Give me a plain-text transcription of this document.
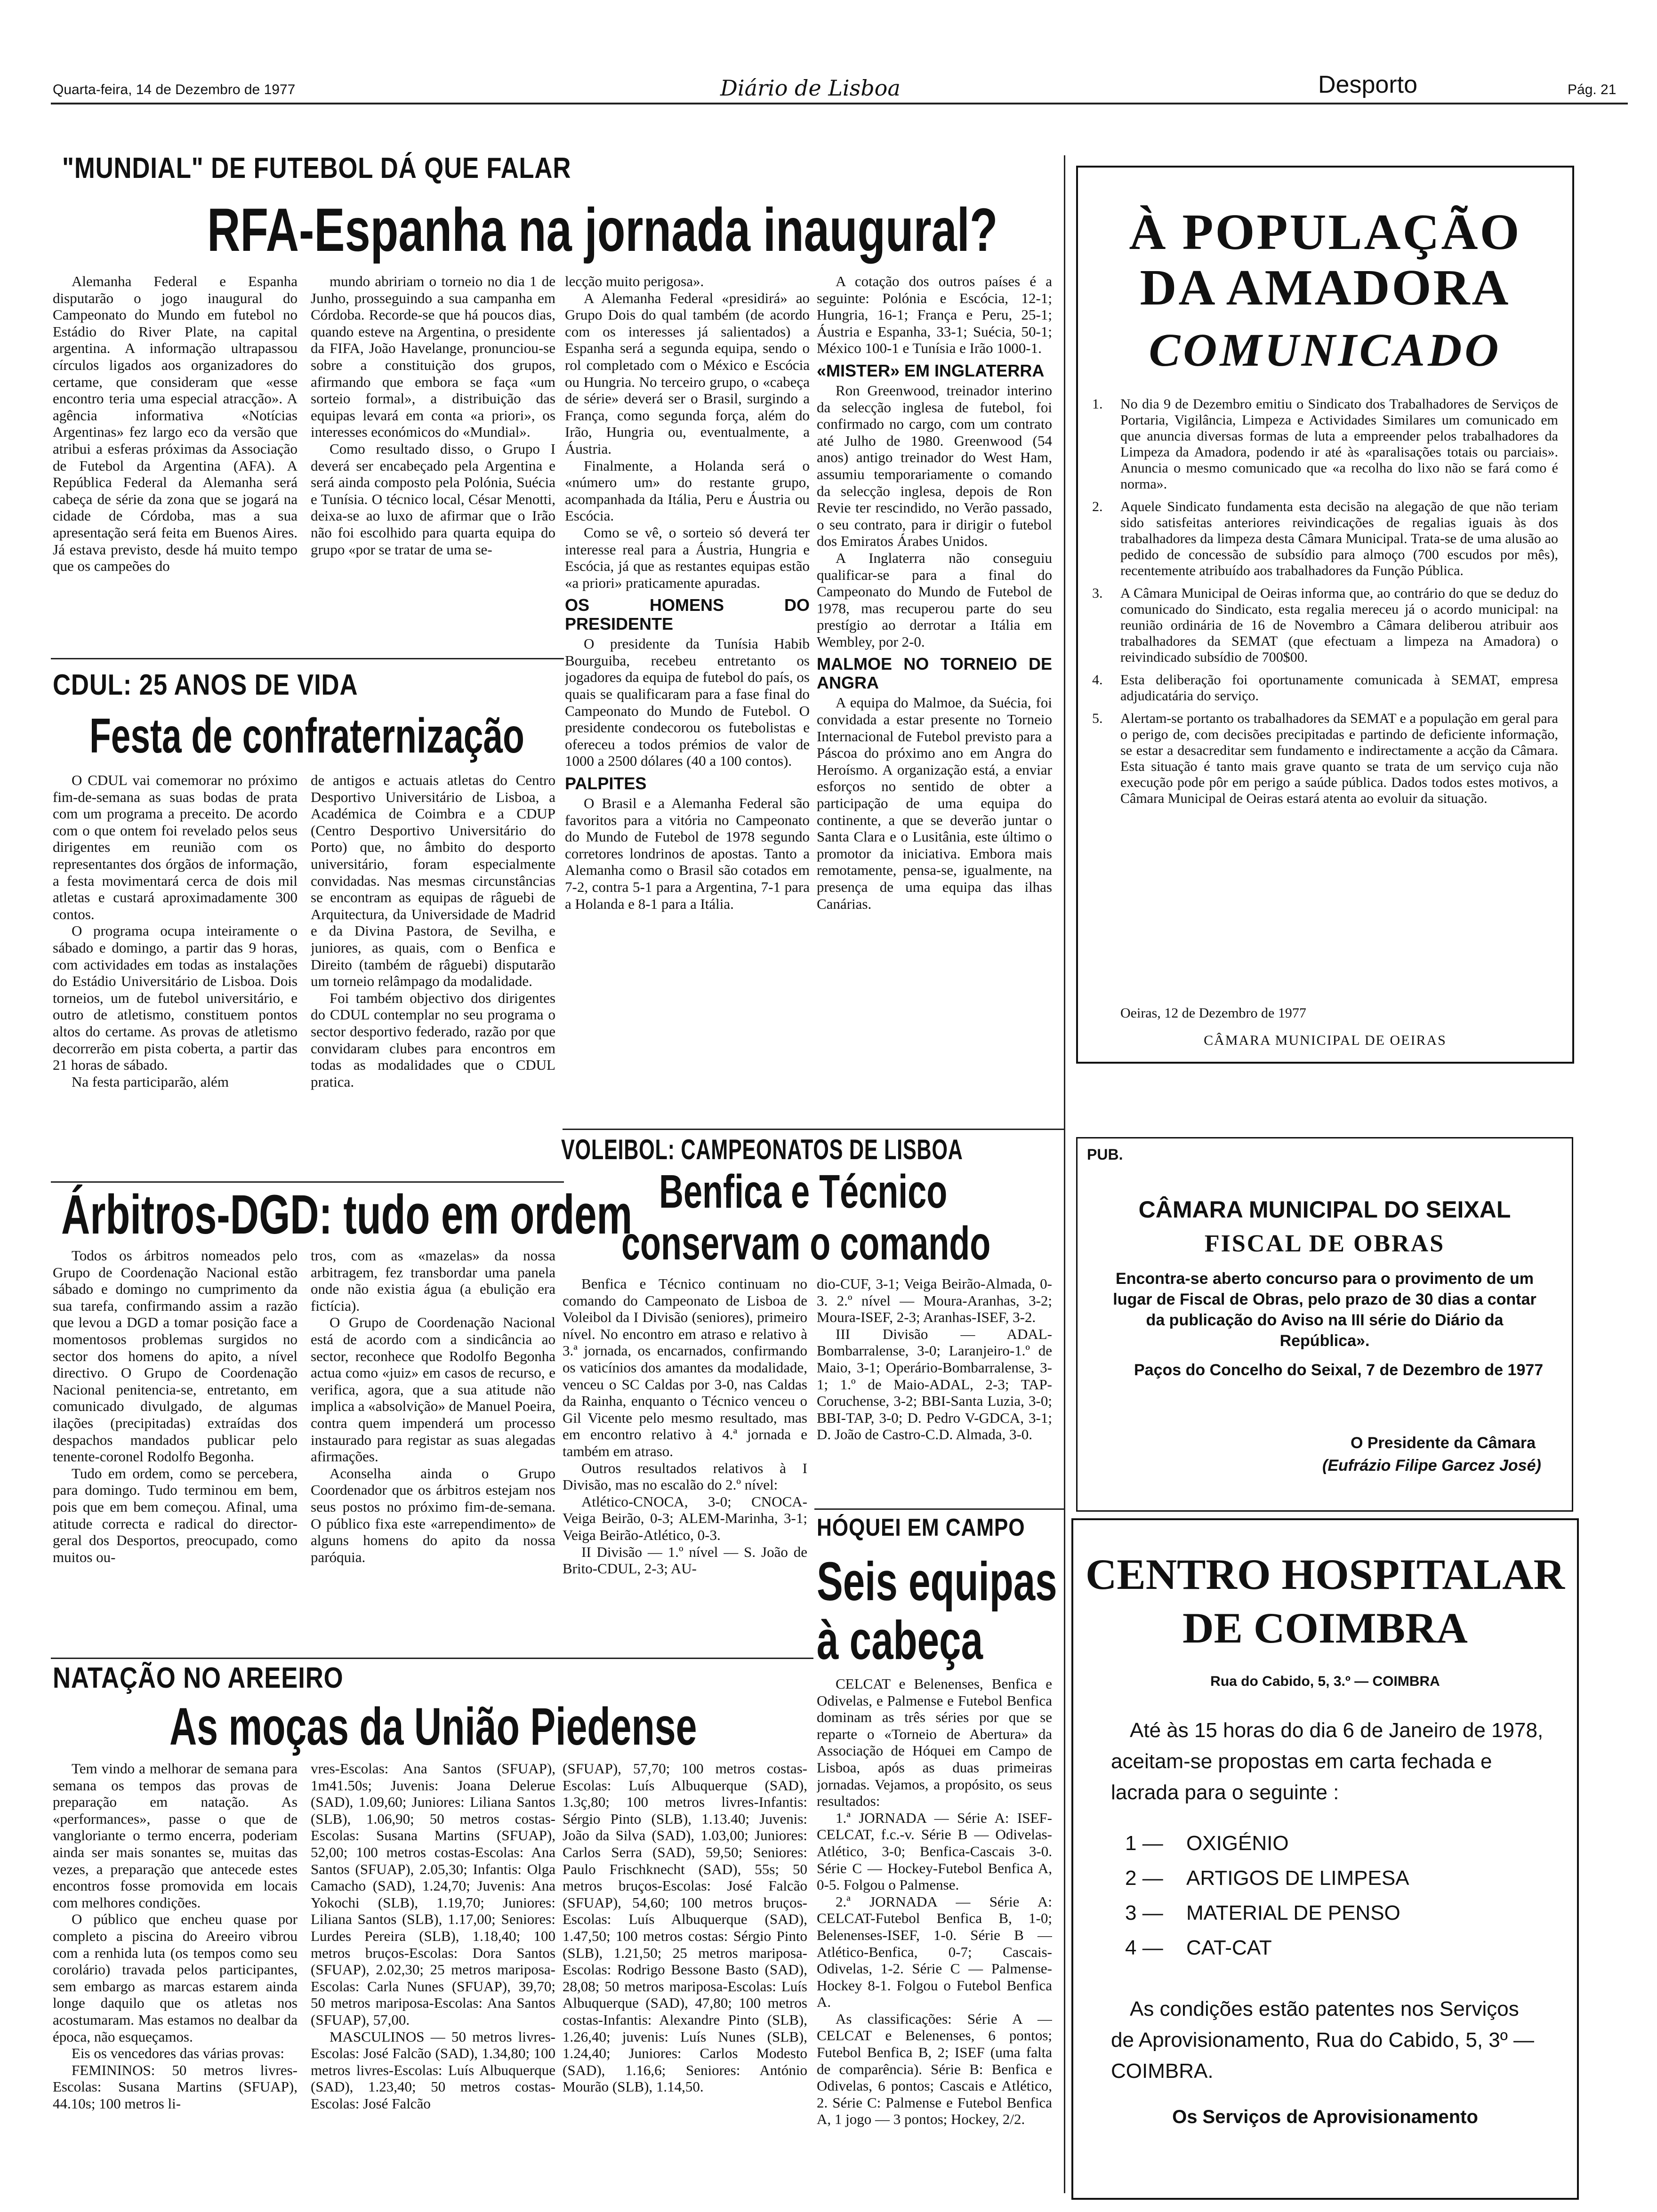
Quarta-feira, 14 de Dezembro de 1977	Diário de Lisboa	Desporto	Pág. 21
"MUNDIAL" DE FUTEBOL DÁ QUE FALAR
RFA-Espanha na jornada inaugural?

Alemanha Federal e Espanha disputarão o jogo inaugural do Campeonato do Mundo em futebol no Estádio do River Plate, na capital argentina. A informação ultrapassou círculos ligados aos organizadores do certame, que consideram que «esse encontro teria uma especial atracção». A agência informativa «Notícias Argentinas» fez largo eco da versão que atribui a esferas próximas da Associação de Futebol da Argentina (AFA). A República Federal da Alemanha será cabeça de série da zona que se jogará na cidade de Córdoba, mas a sua apresentação será feita em Buenos Aires. Já estava previsto, desde há muito tempo que os campeões do

mundo abririam o torneio no dia 1 de Junho, prosseguindo a sua campanha em Córdoba. Recorde-se que há poucos dias, quando esteve na Argentina, o presidente da FIFA, João Havelange, pronunciou-se sobre a constituição dos grupos, afirmando que embora se faça «um sorteio formal», a distribuição das equipas levará em conta «a priori», os interesses económicos do «Mundial».

Como resultado disso, o Grupo I deverá ser encabeçado pela Argentina e será ainda composto pela Polónia, Suécia e Tunísia. O técnico local, César Menotti, deixa-se ao luxo de afirmar que o Irão não foi escolhido para quarta equipa do grupo «por se tratar de uma se-

lecção muito perigosa».

A Alemanha Federal «presidirá» ao Grupo Dois do qual também (de acordo com os interesses já salientados) a Espanha será a segunda equipa, sendo o rol completado com o México e Escócia ou Hungria. No terceiro grupo, o «cabeça de série» deverá ser o Brasil, surgindo a França, como segunda força, além do Irão, Hungria ou, eventualmente, a Áustria.

Finalmente, a Holanda será o «número um» do restante grupo, acompanhada da Itália, Peru e Áustria ou Escócia.

Como se vê, o sorteio só deverá ter interesse real para a Áustria, Hungria e Escócia, já que as restantes equipas estão «a priori» praticamente apuradas.

OS HOMENS DO PRESIDENTE

O presidente da Tunísia Habib Bourguiba, recebeu entretanto os jogadores da equipa de futebol do país, os quais se qualificaram para a fase final do Campeonato do Mundo de Futebol. O presidente condecorou os futebolistas e ofereceu a todos prémios de valor de 1000 a 2500 dólares (40 a 100 contos).

PALPITES

O Brasil e a Alemanha Federal são favoritos para a vitória no Campeonato do Mundo de Futebol de 1978 segundo corretores londrinos de apostas. Tanto a Alemanha como o Brasil são cotados em 7-2, contra 5-1 para a Argentina, 7-1 para a Holanda e 8-1 para a Itália.

A cotação dos outros países é a seguinte: Polónia e Escócia, 12-1; Hungria, 16-1; França e Peru, 25-1; Áustria e Espanha, 33-1; Suécia, 50-1; México 100-1 e Tunísia e Irão 1000-1.

«MISTER» EM INGLATERRA

Ron Greenwood, treinador interino da selecção inglesa de futebol, foi confirmado no cargo, com um contrato até Julho de 1980. Greenwood (54 anos) antigo treinador do West Ham, assumiu temporariamente o comando da selecção inglesa, depois de Ron Revie ter rescindido, no Verão passado, o seu contrato, para ir dirigir o futebol dos Emiratos Árabes Unidos.

A Inglaterra não conseguiu qualificar-se para a final do Campeonato do Mundo de Futebol de 1978, mas recuperou parte do seu prestígio ao derrotar a Itália em Wembley, por 2-0.

MALMOE NO TORNEIO DE ANGRA

A equipa do Malmoe, da Suécia, foi convidada a estar presente no Torneio Internacional de Futebol previsto para a Páscoa do próximo ano em Angra do Heroísmo. A organização está, a enviar esforços no sentido de obter a participação de uma equipa do continente, a que se deverão juntar o Santa Clara e o Lusitânia, este último o promotor da iniciativa. Embora mais remotamente, pensa-se, igualmente, na presença de uma equipa das ilhas Canárias.

CDUL: 25 ANOS DE VIDA
Festa de confraternização

O CDUL vai comemorar no próximo fim-de-semana as suas bodas de prata com um programa a preceito. De acordo com o que ontem foi revelado pelos seus dirigentes em reunião com os representantes dos órgãos de informação, a festa movimentará cerca de dois mil atletas e custará aproximadamente 300 contos.

O programa ocupa inteiramente o sábado e domingo, a partir das 9 horas, com actividades em todas as instalações do Estádio Universitário de Lisboa. Dois torneios, um de futebol universitário, e outro de atletismo, constituem pontos altos do certame. As provas de atletismo decorrerão em pista coberta, a partir das 21 horas de sábado.

Na festa participarão, além

de antigos e actuais atletas do Centro Desportivo Universitário de Lisboa, a Académica de Coimbra e a CDUP (Centro Desportivo Universitário do Porto) que, no âmbito do desporto universitário, foram especialmente convidadas. Nas mesmas circunstâncias se encontram as equipas de râguebi de Arquitectura, da Universidade de Madrid e da Divina Pastora, de Sevilha, e juniores, as quais, com o Benfica e Direito (também de râguebi) disputarão um torneio relâmpago da modalidade.

Foi também objectivo dos dirigentes do CDUL contemplar no seu programa o sector desportivo federado, razão por que convidaram clubes para encontros em todas as modalidades que o CDUL pratica.

Árbitros-DGD: tudo em ordem

Todos os árbitros nomeados pelo Grupo de Coordenação Nacional estão sábado e domingo no cumprimento da sua tarefa, confirmando assim a razão que levou a DGD a tomar posição face a momentosos problemas surgidos no sector dos homens do apito, a nível directivo. O Grupo de Coordenação Nacional penitencia-se, entretanto, em comunicado divulgado, de algumas ilações (precipitadas) extraídas dos despachos mandados publicar pelo tenente-coronel Rodolfo Begonha.

Tudo em ordem, como se percebera, para domingo. Tudo terminou em bem, pois que em bem começou. Afinal, uma atitude correcta e radical do director-geral dos Desportos, preocupado, como muitos ou-

tros, com as «mazelas» da nossa arbitragem, fez transbordar uma panela onde não existia água (a ebulição era fictícia).

O Grupo de Coordenação Nacional está de acordo com a sindicância ao sector, reconhece que Rodolfo Begonha actua como «juiz» em casos de recurso, e verifica, agora, que a sua atitude não implica a «absolvição» de Manuel Poeira, contra quem impenderá um processo instaurado para registar as suas alegadas afirmações.

Aconselha ainda o Grupo Coordenador que os árbitros estejam nos seus postos no próximo fim-de-semana. O público fixa este «arrependimento» de alguns homens do apito da nossa paróquia.

VOLEIBOL: CAMPEONATOS DE LISBOA
Benfica e Técnico
conservam o comando

Benfica e Técnico continuam no comando do Campeonato de Lisboa de Voleibol da I Divisão (seniores), primeiro nível. No encontro em atraso e relativo à 3.ª jornada, os encarnados, confirmando os vaticínios dos amantes da modalidade, venceu o SC Caldas por 3-0, nas Caldas da Rainha, enquanto o Técnico venceu o Gil Vicente pelo mesmo resultado, mas em encontro relativo à 4.ª jornada e também em atraso.

Outros resultados relativos à I Divisão, mas no escalão do 2.º nível:

Atlético-CNOCA, 3-0; CNOCA-Veiga Beirão, 0-3; ALEM-Marinha, 3-1; Veiga Beirão-Atlético, 0-3.

II Divisão — 1.º nível — S. João de Brito-CDUL, 2-3; AU-

dio-CUF, 3-1; Veiga Beirão-Almada, 0-3. 2.º nível — Moura-Aranhas, 3-2; Moura-ISEF, 2-3; Aranhas-ISEF, 3-2.

III Divisão — ADAL-Bombarralense, 3-0; Laranjeiro-1.º de Maio, 3-1; Operário-Bombarralense, 3-1; 1.º de Maio-ADAL, 2-3; TAP-Coruchense, 3-2; BBI-Santa Luzia, 3-0; BBI-TAP, 3-0; D. Pedro V-GDCA, 3-1; D. João de Castro-C.D. Almada, 3-0.

HÓQUEI EM CAMPO
Seis equipas
à cabeça

CELCAT e Belenenses, Benfica e Odivelas, e Palmense e Futebol Benfica dominam as três séries por que se reparte o «Torneio de Abertura» da Associação de Hóquei em Campo de Lisboa, após as duas primeiras jornadas. Vejamos, a propósito, os seus resultados:

1.ª JORNADA — Série A: ISEF-CELCAT, f.c.-v. Série B — Odivelas-Atlético, 3-0; Benfica-Cascais 3-0. Série C — Hockey-Futebol Benfica A, 0-5. Folgou o Palmense.

2.ª JORNADA — Série A: CELCAT-Futebol Benfica B, 1-0; Belenenses-ISEF, 1-0. Série B — Atlético-Benfica, 0-7; Cascais-Odivelas, 1-2. Série C — Palmense-Hockey 8-1. Folgou o Futebol Benfica A.

As classificações: Série A — CELCAT e Belenenses, 6 pontos; Futebol Benfica B, 2; ISEF (uma falta de comparência). Série B: Benfica e Odivelas, 6 pontos; Cascais e Atlético, 2. Série C: Palmense e Futebol Benfica A, 1 jogo — 3 pontos; Hockey, 2/2.

NATAÇÃO NO AREEIRO
As moças da União Piedense

Tem vindo a melhorar de semana para semana os tempos das provas de preparação em natação. As «performances», passe o que de vangloriante o termo encerra, poderiam ainda ser mais sonantes se, muitas das vezes, a preparação que antecede estes encontros fosse promovida em locais com melhores condições.

O público que encheu quase por completo a piscina do Areeiro vibrou com a renhida luta (os tempos como seu corolário) travada pelos participantes, sem embargo as marcas estarem ainda longe daquilo que os atletas nos acostumaram. Mas estamos no dealbar da época, não esqueçamos.

Eis os vencedores das várias provas:

FEMININOS: 50 metros livres-Escolas: Susana Martins (SFUAP), 44.10s; 100 metros li-

vres-Escolas: Ana Santos (SFUAP), 1m41.50s; Juvenis: Joana Delerue (SAD), 1.09,60; Juniores: Liliana Santos (SLB), 1.06,90; 50 metros costas-Escolas: Susana Martins (SFUAP), 52,00; 100 metros costas-Escolas: Ana Santos (SFUAP), 2.05,30; Infantis: Olga Camacho (SAD), 1.24,70; Juvenis: Ana Yokochi (SLB), 1.19,70; Juniores: Liliana Santos (SLB), 1.17,00; Seniores: Lurdes Pereira (SLB), 1.18,40; 100 metros bruços-Escolas: Dora Santos (SFUAP), 2.02,30; 25 metros mariposa-Escolas: Carla Nunes (SFUAP), 39,70; 50 metros mariposa-Escolas: Ana Santos (SFUAP), 57,00.

MASCULINOS — 50 metros livres-Escolas: José Falcão (SAD), 1.34,80; 100 metros livres-Escolas: Luís Albuquerque (SAD), 1.23,40; 50 metros costas-Escolas: José Falcão

(SFUAP), 57,70; 100 metros costas-Escolas: Luís Albuquerque (SAD), 1.3ç,80; 100 metros livres-Infantis: Sérgio Pinto (SLB), 1.13.40; Juvenis: João da Silva (SAD), 1.03,00; Juniores: Carlos Serra (SAD), 59,50; Seniores: Paulo Frischknecht (SAD), 55s; 50 metros bruços-Escolas: José Falcão (SFUAP), 54,60; 100 metros bruços-Escolas: Luís Albuquerque (SAD), 1.47,50; 100 metros costas: Sérgio Pinto (SLB), 1.21,50; 25 metros mariposa-Escolas: Rodrigo Bessone Basto (SAD), 28,08; 50 metros mariposa-Escolas: Luís Albuquerque (SAD), 47,80; 100 metros costas-Infantis: Alexandre Pinto (SLB), 1.26,40; juvenis: Luís Nunes (SLB), 1.24,40; Juniores: Carlos Modesto (SAD), 1.16,6; Seniores: António Mourão (SLB), 1.14,50.

À POPULAÇÃO
DA AMADORA
COMUNICADO
1.	No dia 9 de Dezembro emitiu o Sindicato dos Trabalhadores de Serviços de Portaria, Vigilância, Limpeza e Actividades Similares um comunicado em que anuncia diversas formas de luta a empreender pelos trabalhadores da Limpeza da Amadora, podendo ir até às «paralisações totais ou parciais». Anuncia o mesmo comunicado que «a recolha do lixo não se fará como é norma».
2.	Aquele Sindicato fundamenta esta decisão na alegação de que não teriam sido satisfeitas anteriores reivindicações de regalias iguais às dos trabalhadores da limpeza desta Câmara Municipal. Trata-se de uma alusão ao pedido de concessão de subsídio para almoço (700 escudos por mês), recentemente atribuído aos trabalhadores da Função Pública.
3.	A Câmara Municipal de Oeiras informa que, ao contrário do que se deduz do comunicado do Sindicato, esta regalia mereceu já o acordo municipal: na reunião ordinária de 16 de Novembro a Câmara deliberou atribuir aos trabalhadores da SEMAT (que efectuam a limpeza na Amadora) o reivindicado subsídio de 700$00.
4.	Esta deliberação foi oportunamente comunicada à SEMAT, empresa adjudicatária do serviço.
5.	Alertam-se portanto os trabalhadores da SEMAT e a população em geral para o perigo de, com decisões precipitadas e partindo de deficiente informação, se estar a desacreditar sem fundamento e indirectamente a acção da Câmara. Esta situação é tanto mais grave quanto se trata de um serviço cuja não execução pode pôr em perigo a saúde pública. Dados todos estes motivos, a Câmara Municipal de Oeiras estará atenta ao evoluir da situação.
Oeiras, 12 de Dezembro de 1977
CÂMARA MUNICIPAL DE OEIRAS
PUB.
CÂMARA MUNICIPAL DO SEIXAL
FISCAL DE OBRAS
Encontra-se aberto concurso para o provimento de um lugar de Fiscal de Obras, pelo prazo de 30 dias a contar da publicação do Aviso na III série do Diário da República».
Paços do Concelho do Seixal, 7 de Dezembro de 1977
O Presidente da Câmara
(Eufrázio Filipe Garcez José)
CENTRO HOSPITALAR
DE COIMBRA
Rua do Cabido, 5, 3.º — COIMBRA
Até às 15 horas do dia 6 de Janeiro de 1978, aceitam-se propostas em carta fechada e lacrada para o seguinte :
1 — OXIGÉNIO
2 — ARTIGOS DE LIMPESA
3 — MATERIAL DE PENSO
4 — CAT-CAT
As condições estão patentes nos Serviços de Aprovisionamento, Rua do Cabido, 5, 3º — COIMBRA.
Os Serviços de Aprovisionamento
